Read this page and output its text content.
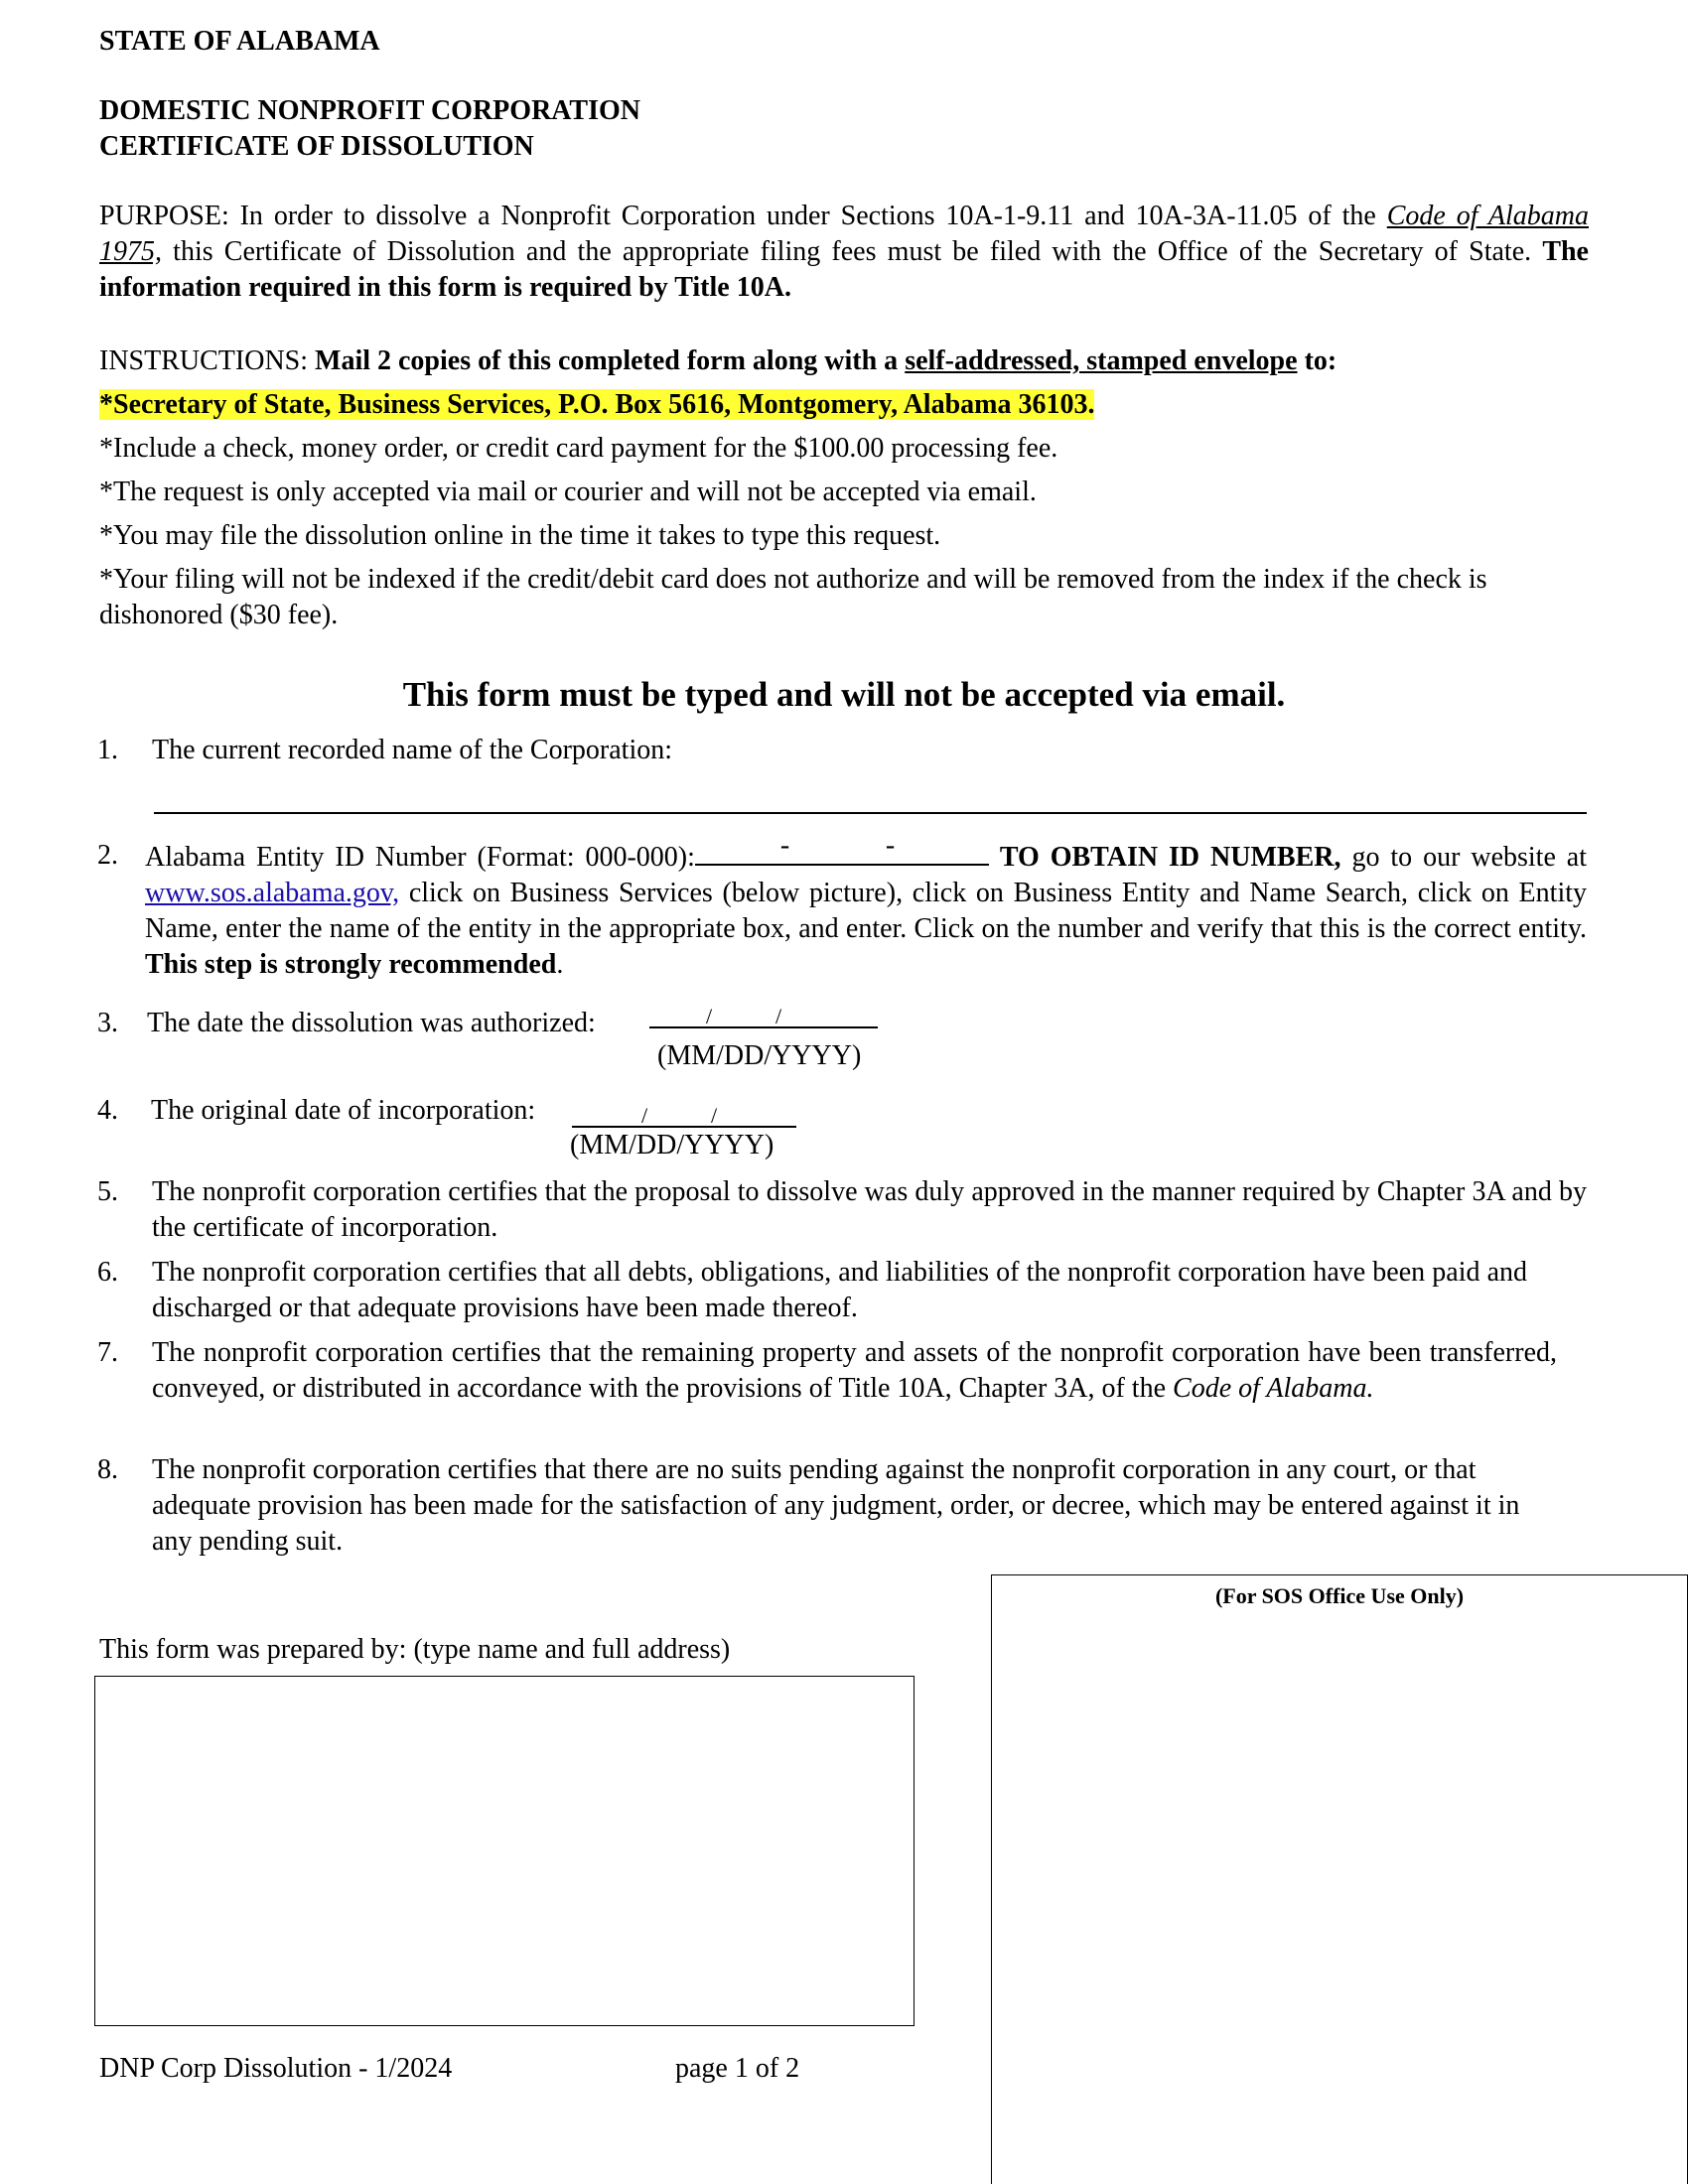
STATE OF ALABAMA
DOMESTIC NONPROFIT CORPORATION
CERTIFICATE OF DISSOLUTION
PURPOSE: In order to dissolve a Nonprofit Corporation under Sections 10A-1-9.11 and 10A-3A-11.05 of the Code of Alabama 1975, this Certificate of Dissolution and the appropriate filing fees must be filed with the Office of the Secretary of State. The information required in this form is required by Title 10A.
INSTRUCTIONS: Mail 2 copies of this completed form along with a self-addressed, stamped envelope to:
*Secretary of State, Business Services, P.O. Box 5616, Montgomery, Alabama 36103.
*Include a check, money order, or credit card payment for the $100.00 processing fee.
*The request is only accepted via mail or courier and will not be accepted via email.
*You may file the dissolution online in the time it takes to type this request.
*Your filing will not be indexed if the credit/debit card does not authorize and will be removed from the index if the check is dishonored ($30 fee).
This form must be typed and will not be accepted via email.
1. The current recorded name of the Corporation:
2. Alabama Entity ID Number (Format: 000-000):	-	-	TO OBTAIN ID NUMBER, go to our website at www.sos.alabama.gov, click on Business Services (below picture), click on Business Entity and Name Search, click on Entity Name, enter the name of the entity in the appropriate box, and enter. Click on the number and verify that this is the correct entity. This step is strongly recommended.
3. The date the dissolution was authorized:	/	/
(MM/DD/YYYY)
4. The original date of incorporation:	/	/
(MM/DD/YYYY)
5. The nonprofit corporation certifies that the proposal to dissolve was duly approved in the manner required by Chapter 3A and by the certificate of incorporation.
6. The nonprofit corporation certifies that all debts, obligations, and liabilities of the nonprofit corporation have been paid and discharged or that adequate provisions have been made thereof.
7. The nonprofit corporation certifies that the remaining property and assets of the nonprofit corporation have been transferred, conveyed, or distributed in accordance with the provisions of Title 10A, Chapter 3A, of the Code of Alabama.
8. The nonprofit corporation certifies that there are no suits pending against the nonprofit corporation in any court, or that adequate provision has been made for the satisfaction of any judgment, order, or decree, which may be entered against it in any pending suit.
This form was prepared by: (type name and full address)
(For SOS Office Use Only)
DNP Corp Dissolution - 1/2024	page 1 of 2
